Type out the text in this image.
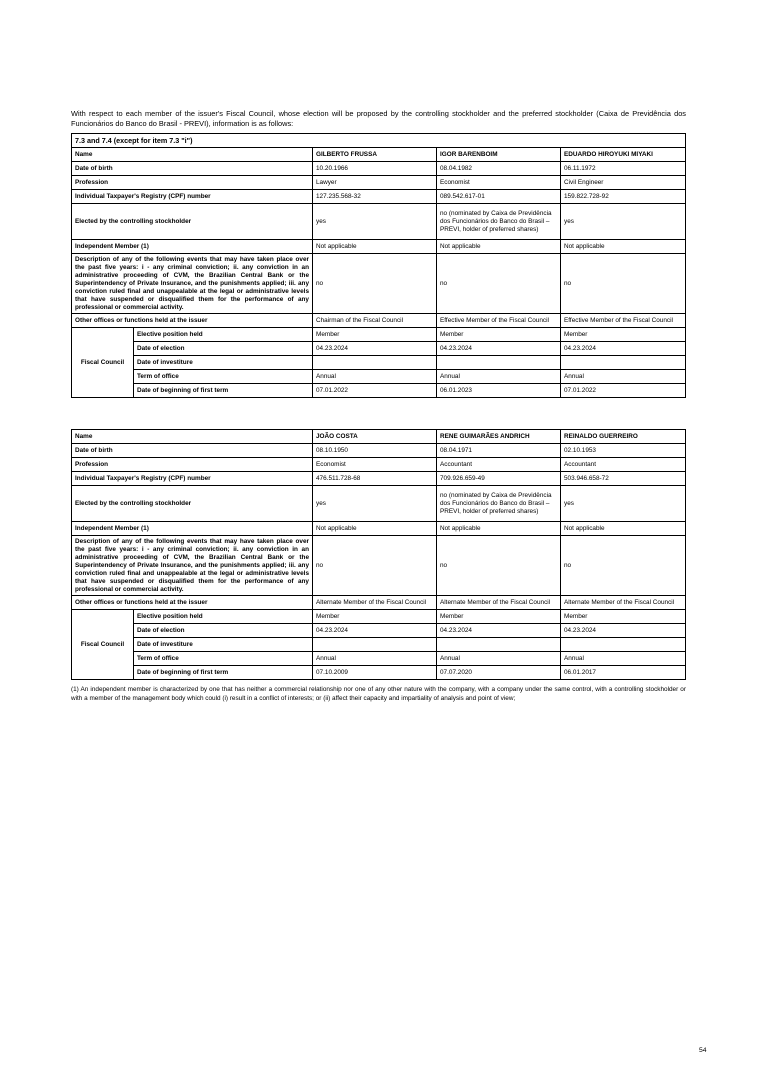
With respect to each member of the issuer's Fiscal Council, whose election will be proposed by the controlling stockholder and the preferred stockholder (Caixa de Previdência dos Funcionários do Banco do Brasil - PREVI), information is as follows:

7.3 and 7.4 (except for item 7.3 "i")				
Name		GILBERTO FRUSSA	IGOR BARENBOIM	EDUARDO HIROYUKI MIYAKI
Date of birth		10.20.1966	08.04.1982	06.11.1972
Profession		Lawyer	Economist	Civil Engineer
Individual Taxpayer's Registry (CPF) number		127.235.568-32	089.542.617-01	159.822.728-92
Elected by the controlling stockholder		yes	no (nominated by Caixa de Previdência dos Funcionários do Banco do Brasil – PREVI, holder of preferred shares)	yes
Independent Member (1)		Not applicable	Not applicable	Not applicable
Description of any of the following events that may have taken place over the past five years: i - any criminal conviction; ii. any conviction in an administrative proceeding of CVM, the Brazilian Central Bank or the Superintendency of Private Insurance, and the punishments applied; iii. any conviction ruled final and unappealable at the legal or administrative levels that have suspended or disqualified them for the performance of any professional or commercial activity.		no	no	no
Other offices or functions held at the issuer		Chairman of the Fiscal Council	Effective Member of the Fiscal Council	Effective Member of the Fiscal Council
Fiscal Council	Elective position held	Member	Member	Member
	Date of election	04.23.2024	04.23.2024	04.23.2024
	Date of investiture			
	Term of office	Annual	Annual	Annual
	Date of beginning of first term	07.01.2022	06.01.2023	07.01.2022
Name		JOÃO COSTA	RENE GUIMARÃES ANDRICH	REINALDO GUERREIRO
Date of birth		08.10.1950	08.04.1971	02.10.1953
Profession		Economist	Accountant	Accountant
Individual Taxpayer's Registry (CPF) number		476.511.728-68	709.926.659-49	503.946.658-72
Elected by the controlling stockholder		yes	no (nominated by Caixa de Previdência dos Funcionários do Banco do Brasil – PREVI, holder of preferred shares)	yes
Independent Member (1)		Not applicable	Not applicable	Not applicable
Description of any of the following events that may have taken place over the past five years: i - any criminal conviction; ii. any conviction in an administrative proceeding of CVM, the Brazilian Central Bank or the Superintendency of Private Insurance, and the punishments applied; iii. any conviction ruled final and unappealable at the legal or administrative levels that have suspended or disqualified them for the performance of any professional or commercial activity.		no	no	no
Other offices or functions held at the issuer		Alternate Member of the Fiscal Council	Alternate Member of the Fiscal Council	Alternate Member of the Fiscal Council
Fiscal Council	Elective position held	Member	Member	Member
	Date of election	04.23.2024	04.23.2024	04.23.2024
	Date of investiture			
	Term of office	Annual	Annual	Annual
	Date of beginning of first term	07.10.2009	07.07.2020	06.01.2017

(1) An independent member is characterized by one that has neither a commercial relationship nor one of any other nature with the company, with a company under the same control, with a controlling stockholder or with a member of the management body which could (i) result in a conflict of interests; or (ii) affect their capacity and impartiality of analysis and point of view;

54
